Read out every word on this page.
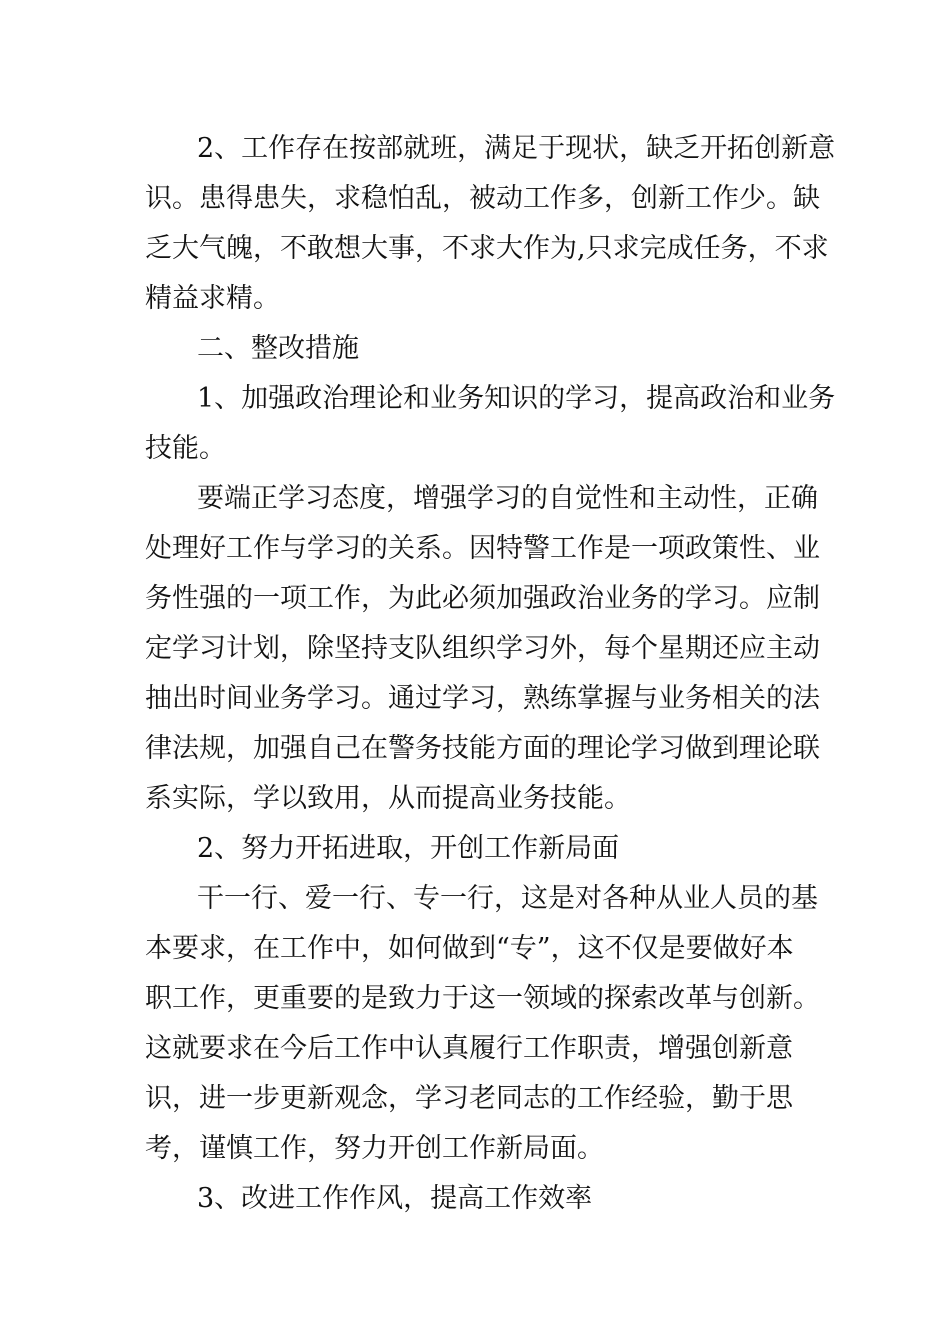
2、工作存在按部就班，满足于现状，缺乏开拓创新意
识。患得患失，求稳怕乱，被动工作多，创新工作少。缺
乏大气魄，不敢想大事，不求大作为,只求完成任务，不求
精益求精。
二、整改措施
1、加强政治理论和业务知识的学习，提高政治和业务
技能。
要端正学习态度，增强学习的自觉性和主动性，正确
处理好工作与学习的关系。因特警工作是一项政策性、业
务性强的一项工作，为此必须加强政治业务的学习。应制
定学习计划，除坚持支队组织学习外，每个星期还应主动
抽出时间业务学习。通过学习，熟练掌握与业务相关的法
律法规，加强自己在警务技能方面的理论学习做到理论联
系实际，学以致用，从而提高业务技能。
2、努力开拓进取，开创工作新局面
干一行、爱一行、专一行，这是对各种从业人员的基
本要求，在工作中，如何做到“专”，这不仅是要做好本
职工作，更重要的是致力于这一领域的探索改革与创新。
这就要求在今后工作中认真履行工作职责，增强创新意
识，进一步更新观念，学习老同志的工作经验，勤于思
考，谨慎工作，努力开创工作新局面。
3、改进工作作风，提高工作效率
